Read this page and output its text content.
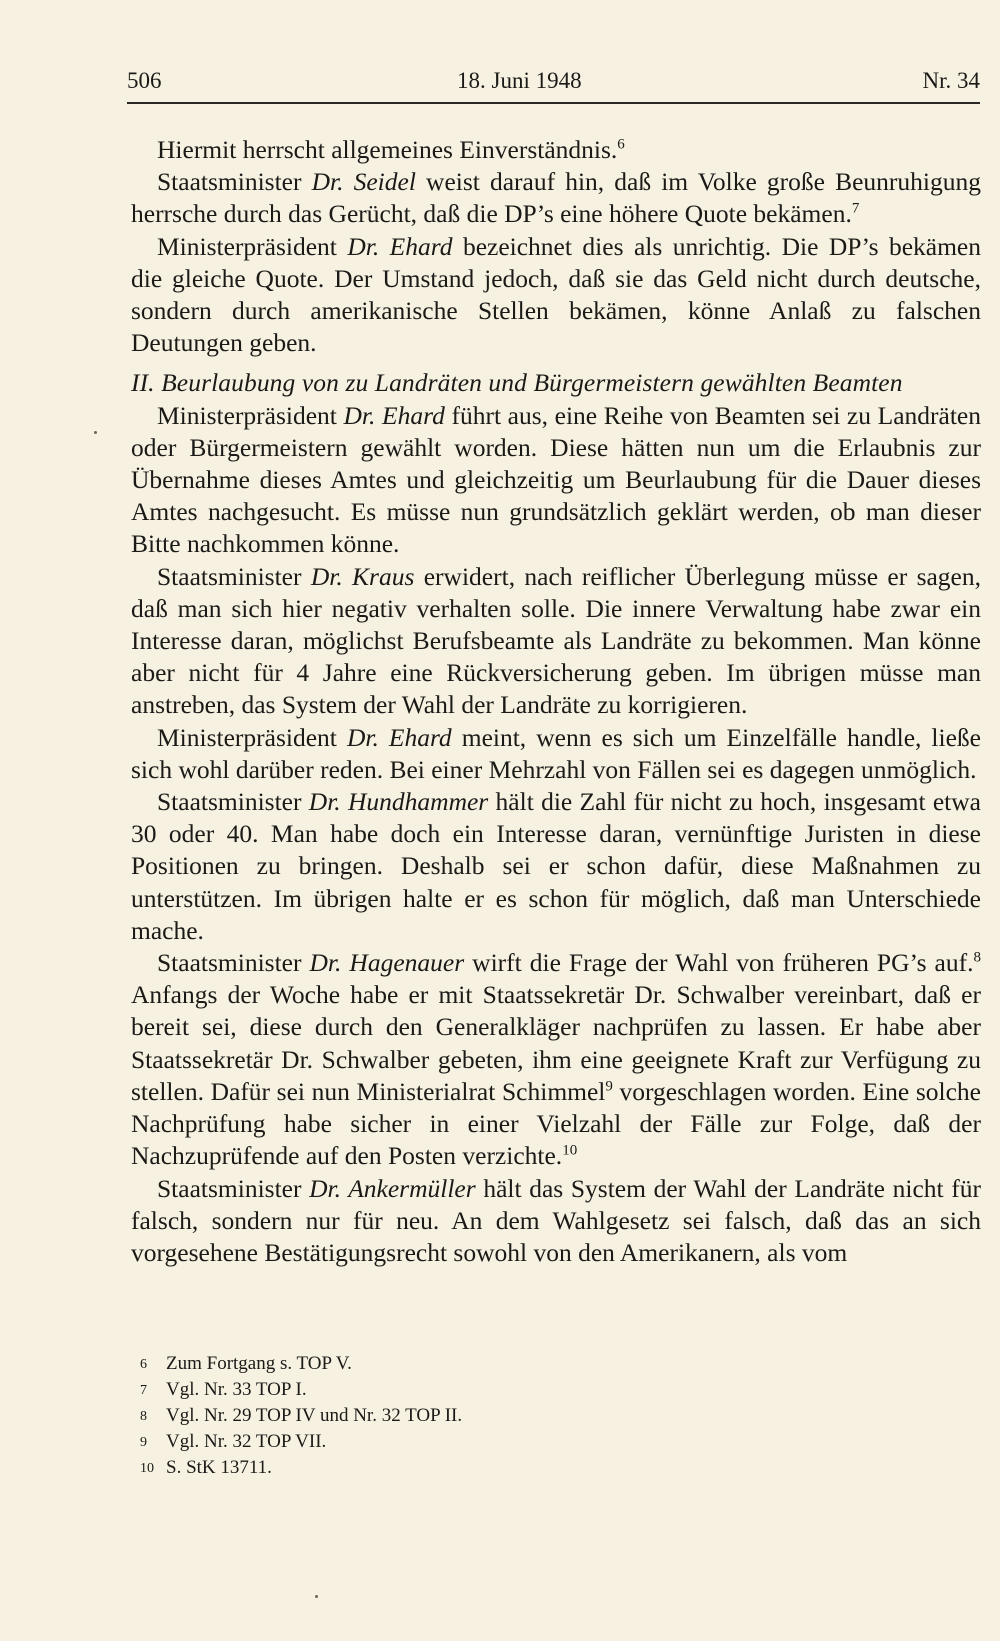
506	18. Juni 1948	Nr. 34

Hiermit herrscht allgemeines Einverständnis.$^6$

Staatsminister Dr. Seidel weist darauf hin, daß im Volke große Beunruhigung herrsche durch das Gerücht, daß die DP’s eine höhere Quote bekämen.$^7$

Ministerpräsident Dr. Ehard bezeichnet dies als unrichtig. Die DP’s bekämen die gleiche Quote. Der Umstand jedoch, daß sie das Geld nicht durch deutsche, sondern durch amerikanische Stellen bekämen, könne Anlaß zu falschen Deutungen geben.

II. Beurlaubung von zu Landräten und Bürgermeistern gewählten Beamten

Ministerpräsident Dr. Ehard führt aus, eine Reihe von Beamten sei zu Landräten oder Bürgermeistern gewählt worden. Diese hätten nun um die Erlaubnis zur Übernahme dieses Amtes und gleichzeitig um Beurlaubung für die Dauer dieses Amtes nachgesucht. Es müsse nun grundsätzlich geklärt werden, ob man dieser Bitte nachkommen könne.

Staatsminister Dr. Kraus erwidert, nach reiflicher Überlegung müsse er sagen, daß man sich hier negativ verhalten solle. Die innere Verwaltung habe zwar ein Interesse daran, möglichst Berufsbeamte als Landräte zu bekommen. Man könne aber nicht für 4 Jahre eine Rückversicherung geben. Im übrigen müsse man anstreben, das System der Wahl der Landräte zu korrigieren.

Ministerpräsident Dr. Ehard meint, wenn es sich um Einzelfälle handle, ließe sich wohl darüber reden. Bei einer Mehrzahl von Fällen sei es dagegen unmöglich.

Staatsminister Dr. Hundhammer hält die Zahl für nicht zu hoch, insgesamt etwa 30 oder 40. Man habe doch ein Interesse daran, vernünftige Juristen in diese Positionen zu bringen. Deshalb sei er schon dafür, diese Maßnahmen zu unterstützen. Im übrigen halte er es schon für möglich, daß man Unterschiede mache.

Staatsminister Dr. Hagenauer wirft die Frage der Wahl von früheren PG’s auf.$^8$ Anfangs der Woche habe er mit Staatssekretär Dr. Schwalber vereinbart, daß er bereit sei, diese durch den Generalkläger nachprüfen zu lassen. Er habe aber Staatssekretär Dr. Schwalber gebeten, ihm eine geeignete Kraft zur Verfügung zu stellen. Dafür sei nun Ministerialrat Schimmel$^9$ vorgeschlagen worden. Eine solche Nachprüfung habe sicher in einer Vielzahl der Fälle zur Folge, daß der Nachzuprüfende auf den Posten verzichte.$^{10}$

Staatsminister Dr. Ankermüller hält das System der Wahl der Landräte nicht für falsch, sondern nur für neu. An dem Wahlgesetz sei falsch, daß das an sich vorgesehene Bestätigungsrecht sowohl von den Amerikanern, als vom

6	Zum Fortgang s. TOP V.
7	Vgl. Nr. 33 TOP I.
8	Vgl. Nr. 29 TOP IV und Nr. 32 TOP II.
9	Vgl. Nr. 32 TOP VII.
10 S. StK 13711.
